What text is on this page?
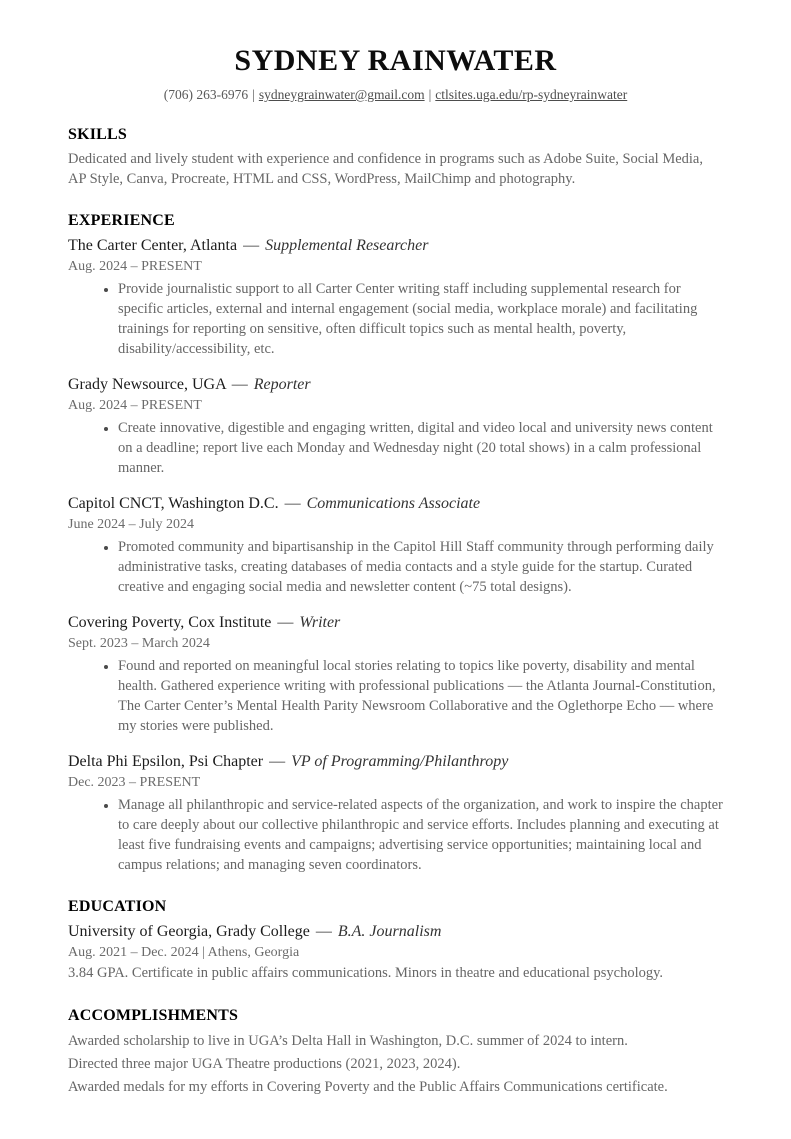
SYDNEY RAINWATER
(706) 263-6976 | sydneygrainwater@gmail.com | ctlsites.uga.edu/rp-sydneyrainwater
SKILLS

Dedicated and lively student with experience and confidence in programs such as Adobe Suite, Social Media, AP Style, Canva, Procreate, HTML and CSS, WordPress, MailChimp and photography.

EXPERIENCE
The Carter Center, Atlanta — Supplemental Researcher
Aug. 2024 – PRESENT
• Provide journalistic support to all Carter Center writing staff including supplemental research for specific articles, external and internal engagement (social media, workplace morale) and facilitating trainings for reporting on sensitive, often difficult topics such as mental health, poverty, disability/accessibility, etc.
Grady Newsource, UGA — Reporter
Aug. 2024 – PRESENT
• Create innovative, digestible and engaging written, digital and video local and university news content on a deadline; report live each Monday and Wednesday night (20 total shows) in a calm professional manner.
Capitol CNCT, Washington D.C. — Communications Associate
June 2024 – July 2024
• Promoted community and bipartisanship in the Capitol Hill Staff community through performing daily administrative tasks, creating databases of media contacts and a style guide for the startup. Curated creative and engaging social media and newsletter content (~75 total designs).
Covering Poverty, Cox Institute — Writer
Sept. 2023 – March 2024
• Found and reported on meaningful local stories relating to topics like poverty, disability and mental health. Gathered experience writing with professional publications — the Atlanta Journal-Constitution, The Carter Center’s Mental Health Parity Newsroom Collaborative and the Oglethorpe Echo — where my stories were published.
Delta Phi Epsilon, Psi Chapter — VP of Programming/Philanthropy
Dec. 2023 – PRESENT
• Manage all philanthropic and service-related aspects of the organization, and work to inspire the chapter to care deeply about our collective philanthropic and service efforts. Includes planning and executing at least five fundraising events and campaigns; advertising service opportunities; maintaining local and campus relations; and managing seven coordinators.
EDUCATION
University of Georgia, Grady College — B.A. Journalism
Aug. 2021 – Dec. 2024 | Athens, Georgia
3.84 GPA. Certificate in public affairs communications. Minors in theatre and educational psychology.
ACCOMPLISHMENTS
Awarded scholarship to live in UGA’s Delta Hall in Washington, D.C. summer of 2024 to intern.
Directed three major UGA Theatre productions (2021, 2023, 2024).
Awarded medals for my efforts in Covering Poverty and the Public Affairs Communications certificate.
